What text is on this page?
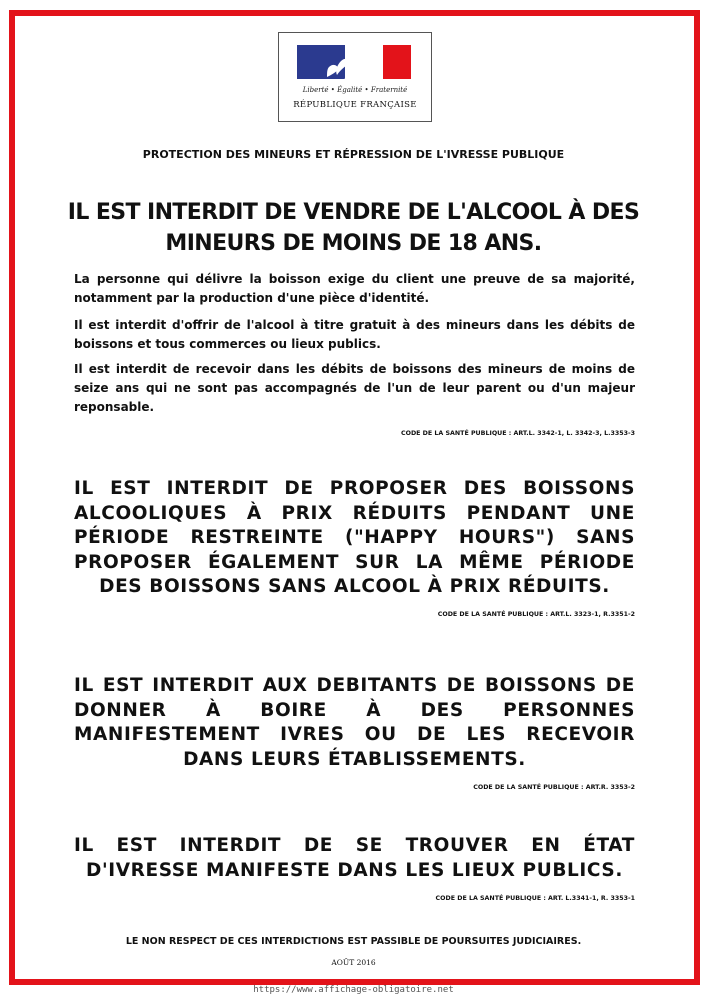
Liberté • Égalité • Fraternité
RÉPUBLIQUE FRANÇAISE

PROTECTION DES MINEURS ET RÉPRESSION DE L'IVRESSE PUBLIQUE

IL EST INTERDIT DE VENDRE DE L'ALCOOL À DES MINEURS DE MOINS DE 18 ANS.

La personne qui délivre la boisson exige du client une preuve de sa majorité, notamment par la production d'une pièce d'identité.

Il est interdit d'offrir de l'alcool à titre gratuit à des mineurs dans les débits de boissons et tous commerces ou lieux publics.

Il est interdit de recevoir dans les débits de boissons des mineurs de moins de seize ans qui ne sont pas accompagnés de l'un de leur parent ou d'un majeur reponsable.

CODE DE LA SANTÉ PUBLIQUE : ART.L. 3342-1, L. 3342-3, L.3353-3

IL EST INTERDIT DE PROPOSER DES BOISSONS ALCOOLIQUES À PRIX RÉDUITS PENDANT UNE PÉRIODE RESTREINTE ("HAPPY HOURS") SANS PROPOSER ÉGALEMENT SUR LA MÊME PÉRIODE DES BOISSONS SANS ALCOOL À PRIX RÉDUITS.

CODE DE LA SANTÉ PUBLIQUE : ART.L. 3323-1, R.3351-2

IL EST INTERDIT AUX DEBITANTS DE BOISSONS DE DONNER À BOIRE À DES PERSONNES MANIFESTEMENT IVRES OU DE LES RECEVOIR DANS LEURS ÉTABLISSEMENTS.

CODE DE LA SANTÉ PUBLIQUE : ART.R. 3353-2

IL EST INTERDIT DE SE TROUVER EN ÉTAT D'IVRESSE MANIFESTE DANS LES LIEUX PUBLICS.

CODE DE LA SANTÉ PUBLIQUE : ART. L.3341-1, R. 3353-1

LE NON RESPECT DE CES INTERDICTIONS EST PASSIBLE DE POURSUITES JUDICIAIRES.

AOÛT 2016

https://www.affichage-obligatoire.net
